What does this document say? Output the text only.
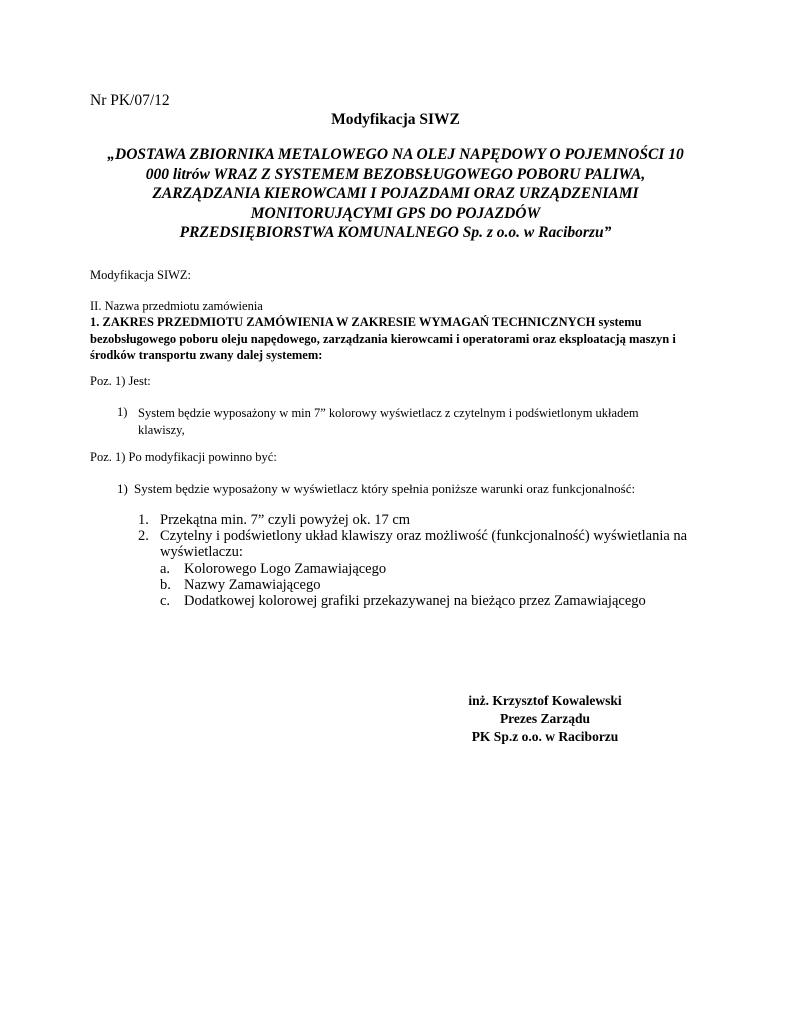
Nr PK/07/12
Modyfikacja SIWZ
„DOSTAWA ZBIORNIKA METALOWEGO NA OLEJ NAPĘDOWY O POJEMNOŚCI 10
000 litrów WRAZ Z SYSTEMEM BEZOBSŁUGOWEGO POBORU PALIWA,
ZARZĄDZANIA KIEROWCAMI I POJAZDAMI ORAZ URZĄDZENIAMI
MONITORUJĄCYMI GPS DO POJAZDÓW
PRZEDSIĘBIORSTWA KOMUNALNEGO Sp. z o.o. w Raciborzu”
Modyfikacja SIWZ:
II. Nazwa przedmiotu zamówienia
1. ZAKRES PRZEDMIOTU ZAMÓWIENIA W ZAKRESIE WYMAGAŃ TECHNICZNYCH systemu
bezobsługowego poboru oleju napędowego, zarządzania kierowcami i operatorami oraz eksploatacją maszyn i
środków transportu zwany dalej systemem:
Poz. 1) Jest:
1) System będzie wyposażony w min 7” kolorowy wyświetlacz z czytelnym i podświetlonym układem
klawiszy,
Poz. 1) Po modyfikacji powinno być:
1) System będzie wyposażony w wyświetlacz który spełnia poniższe warunki oraz funkcjonalność:
1. Przekątna min. 7” czyli powyżej ok. 17 cm
2. Czytelny i podświetlony układ klawiszy oraz możliwość (funkcjonalność) wyświetlania na
wyświetlaczu:
a. Kolorowego Logo Zamawiającego
b. Nazwy Zamawiającego
c. Dodatkowej kolorowej grafiki przekazywanej na bieżąco przez Zamawiającego
inż. Krzysztof Kowalewski
Prezes Zarządu
PK Sp.z o.o. w Raciborzu
